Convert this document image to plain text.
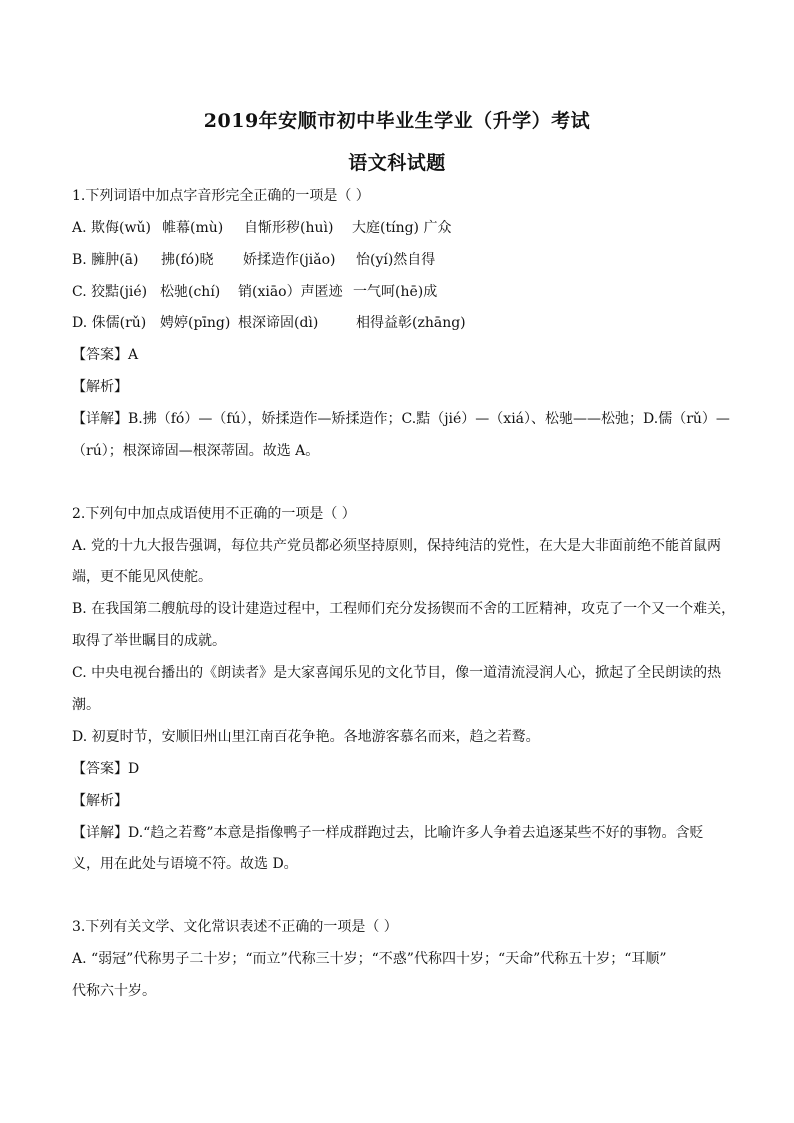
2019年安顺市初中毕业生学业（升学）考试
语文科试题
1.下列词语中加点字音形完全正确的一项是（ ）
A. 欺侮(wǔ) 帷幕(mù) 自惭形秽(huì) 大庭(tíng) 广众
B. 臃肿(ā) 拂(fó)晓 娇揉造作(jiǎo) 怡(yí)然自得
C. 狡黠(jié) 松驰(chí) 销(xiāo）声匿迹 一气呵(hē)成
D. 侏儒(rǔ) 娉婷(pīng) 根深谛固(dì)	相得益彰(zhāng)
【答案】A
【解析】
【详解】B.拂（fó）—（fú），娇揉造作—矫揉造作；C.黠（jié）—（xiá）、松驰——松弛；D.儒（rǔ）—
（rú）；根深谛固—根深蒂固。故选 A。
2.下列句中加点成语使用不正确的一项是（ ）
A. 党的十九大报告强调，每位共产党员都必须坚持原则，保持纯洁的党性，在大是大非面前绝不能首鼠两
端，更不能见风使舵。
B. 在我国第二艘航母的设计建造过程中，工程师们充分发扬锲而不舍的工匠精神，攻克了一个又一个难关，
取得了举世瞩目的成就。
C. 中央电视台播出的《朗读者》是大家喜闻乐见的文化节目，像一道清流浸润人心，掀起了全民朗读的热
潮。
D. 初夏时节，安顺旧州山里江南百花争艳。各地游客慕名而来，趋之若鹜。
【答案】D
【解析】
【详解】D.“趋之若鹜”本意是指像鸭子一样成群跑过去，比喻许多人争着去追逐某些不好的事物。含贬
义，用在此处与语境不符。故选 D。
3.下列有关文学、文化常识表述不正确的一项是（ ）
A. “弱冠”代称男子二十岁；“而立”代称三十岁；“不惑”代称四十岁；“天命”代称五十岁；“耳顺”
代称六十岁。
